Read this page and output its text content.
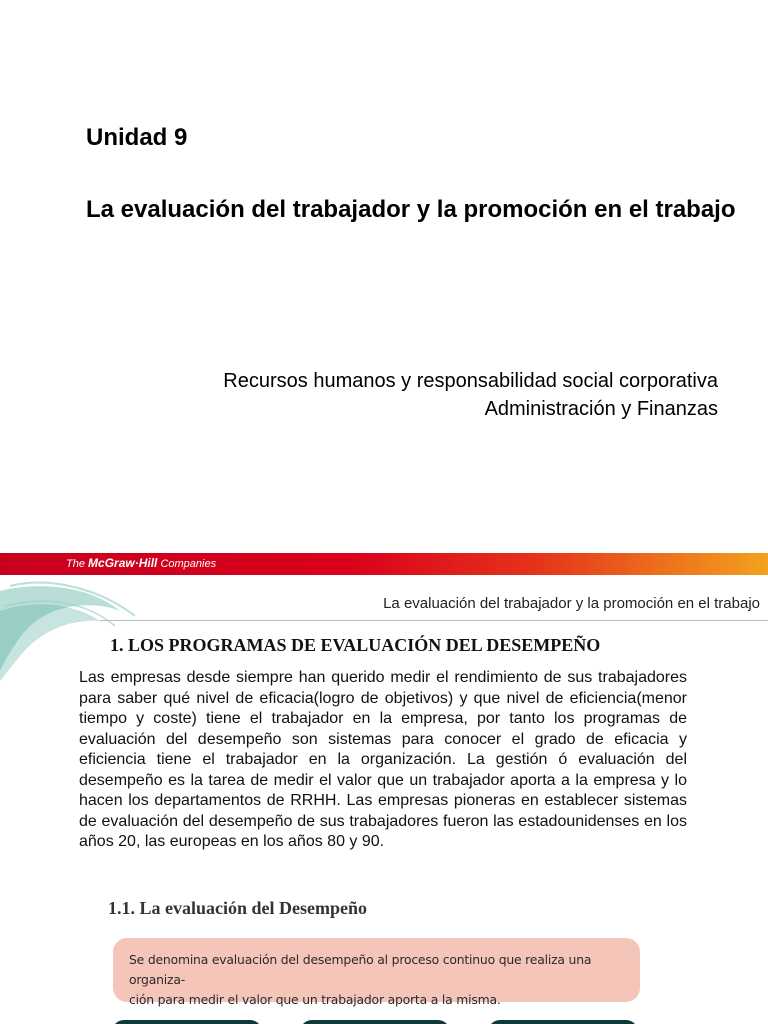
Unidad 9
La evaluación del trabajador y la promoción en el trabajo
Recursos humanos y responsabilidad social corporativa
Administración y Finanzas
The McGraw·Hill Companies
La evaluación del trabajador y la promoción en el trabajo
1. LOS PROGRAMAS DE EVALUACIÓN DEL DESEMPEÑO
Las empresas desde siempre han querido medir el rendimiento de sus trabajadores para saber qué nivel de eficacia(logro de objetivos) y que nivel de eficiencia(menor tiempo y coste) tiene el trabajador en la empresa, por tanto los programas de evaluación del desempeño son sistemas para conocer el grado de eficacia y eficiencia tiene el trabajador en la organización. La gestión ó evaluación del desempeño es la tarea de medir el valor que un trabajador aporta a la empresa y lo hacen los departamentos de RRHH. Las empresas pioneras en establecer sistemas de evaluación del desempeño de sus trabajadores fueron las estadounidenses en los años 20, las europeas en los años 80 y 90.
1.1. La evaluación del Desempeño
Se denomina evaluación del desempeño al proceso continuo que realiza una organiza-
ción para medir el valor que un trabajador aporta a la misma.
